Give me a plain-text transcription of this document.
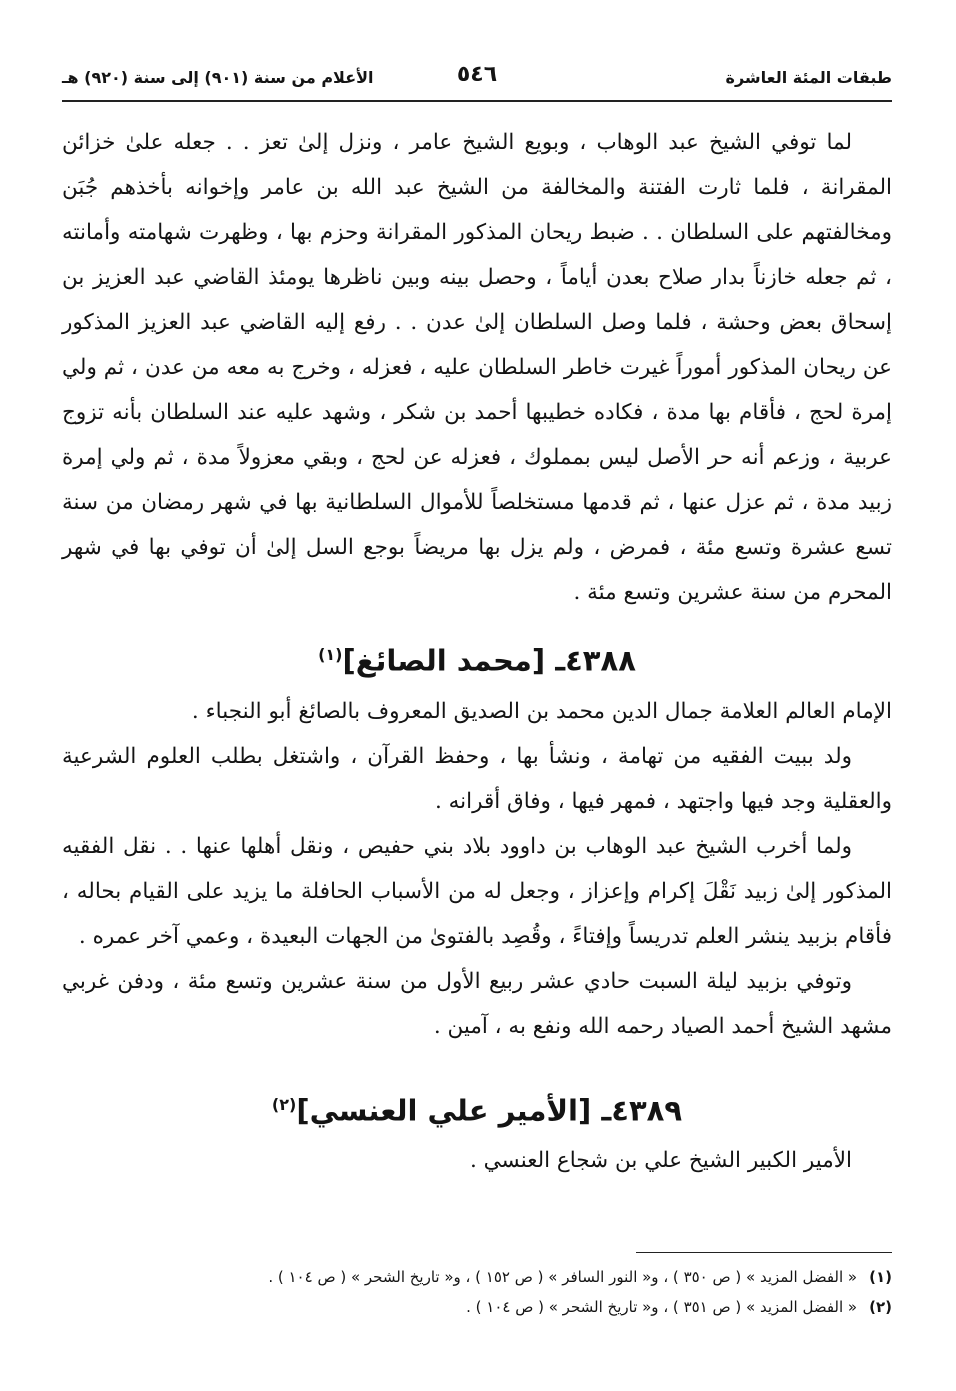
طبقات المئة العاشرة
٥٤٦
الأعلام من سنة (٩٠١) إلى سنة (٩٢٠) هـ

لما توفي الشيخ عبد الوهاب ، وبويع الشيخ عامر ، ونزل إلىٰ تعز . . جعله علىٰ خزائن المقرانة ، فلما ثارت الفتنة والمخالفة من الشيخ عبد الله بن عامر وإخوانه بأخذهم جُبَن ومخالفتهم على السلطان . . ضبط ريحان المذكور المقرانة وحزم بها ، وظهرت شهامته وأمانته ، ثم جعله خازناً بدار صلاح بعدن أياماً ، وحصل بينه وبين ناظرها يومئذ القاضي عبد العزيز بن إسحاق بعض وحشة ، فلما وصل السلطان إلىٰ عدن . . رفع إليه القاضي عبد العزيز المذكور عن ريحان المذكور أموراً غيرت خاطر السلطان عليه ، فعزله ، وخرج به معه من عدن ، ثم ولي إمرة لحج ، فأقام بها مدة ، فكاده خطيبها أحمد بن شكر ، وشهد عليه عند السلطان بأنه تزوج عربية ، وزعم أنه حر الأصل ليس بمملوك ، فعزله عن لحج ، وبقي معزولاً مدة ، ثم ولي إمرة زبيد مدة ، ثم عزل عنها ، ثم قدمها مستخلصاً للأموال السلطانية بها في شهر رمضان من سنة تسع عشرة وتسع مئة ، فمرض ، ولم يزل بها مريضاً بوجع السل إلىٰ أن توفي بها في شهر المحرم من سنة عشرين وتسع مئة .

٤٣٨٨ـ [محمد الصائغ]$^{(١)}$

الإمام العالم العلامة جمال الدين محمد بن الصديق المعروف بالصائغ أبو النجباء .

ولد ببيت الفقيه من تهامة ، ونشأ بها ، وحفظ القرآن ، واشتغل بطلب العلوم الشرعية والعقلية وجد فيها واجتهد ، فمهر فيها ، وفاق أقرانه .

ولما أخرب الشيخ عبد الوهاب بن داوود بلاد بني حفيص ، ونقل أهلها عنها . . نقل الفقيه المذكور إلىٰ زبيد نَقْلَ إكرام وإعزاز ، وجعل له من الأسباب الحافلة ما يزيد على القيام بحاله ، فأقام بزبيد ينشر العلم تدريساً وإفتاءً ، وقُصِد بالفتوىٰ من الجهات البعيدة ، وعمي آخر عمره .

وتوفي بزبيد ليلة السبت حادي عشر ربيع الأول من سنة عشرين وتسع مئة ، ودفن غربي مشهد الشيخ أحمد الصياد رحمه الله ونفع به ، آمين .

٤٣٨٩ـ [الأمير علي العنسي]$^{(٢)}$

الأمير الكبير الشيخ علي بن شجاع العنسي .

(١)« الفضل المزيد » ( ص ٣٥٠ ) ، و« النور السافر » ( ص ١٥٢ ) ، و« تاريخ الشحر » ( ص ١٠٤ ) .

(٢)« الفضل المزيد » ( ص ٣٥١ ) ، و« تاريخ الشحر » ( ص ١٠٤ ) .
